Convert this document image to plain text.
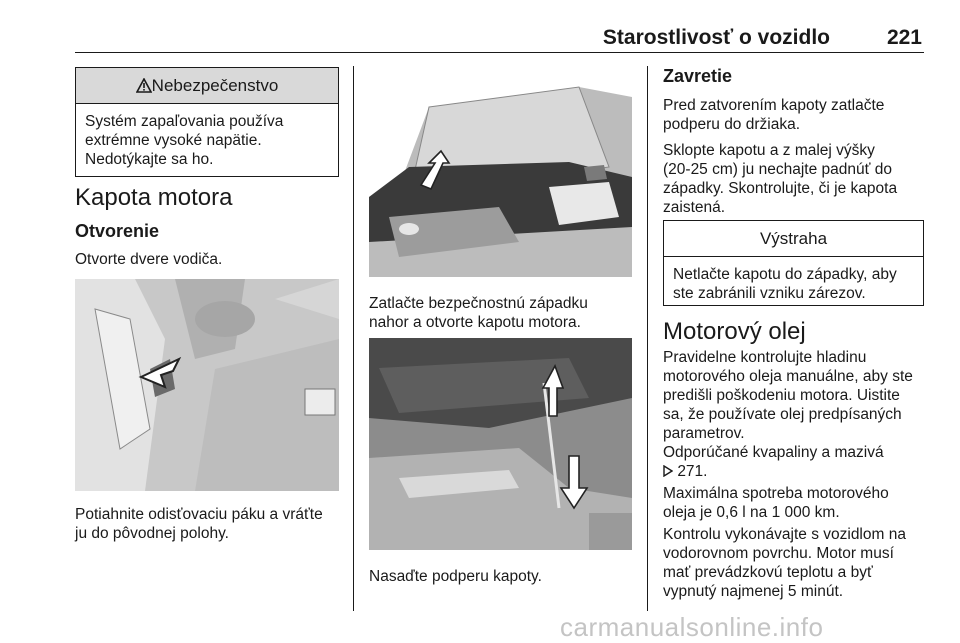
Starostlivosť o vozidlo	221
Nebezpečenstvo
Systém zapaľovania používa
extrémne vysoké napätie.
Nedotýkajte sa ho.
Kapota motora
Otvorenie
Otvorte dvere vodiča.
Potiahnite odisťovaciu páku a vráťte
ju do pôvodnej polohy.
Zatlačte bezpečnostnú západku
nahor a otvorte kapotu motora.
Nasaďte podperu kapoty.
Zavretie
Pred zatvorením kapoty zatlačte
podperu do držiaka.
Sklopte kapotu a z malej výšky
(20-25 cm) ju nechajte padnúť do
západky. Skontrolujte, či je kapota
zaistená.
Výstraha
Netlačte kapotu do západky, aby
ste zabránili vzniku zárezov.
Motorový olej
Pravidelne kontrolujte hladinu
motorového oleja manuálne, aby ste
predišli poškodeniu motora. Uistite
sa, že používate olej predpísaných
parametrov.
Odporúčané kvapaliny a mazivá
271.
Maximálna spotreba motorového
oleja je 0,6 l na 1 000 km.
Kontrolu vykonávajte s vozidlom na
vodorovnom povrchu. Motor musí
mať prevádzkovú teplotu a byť
vypnutý najmenej 5 minút.
carmanualsonline.info
